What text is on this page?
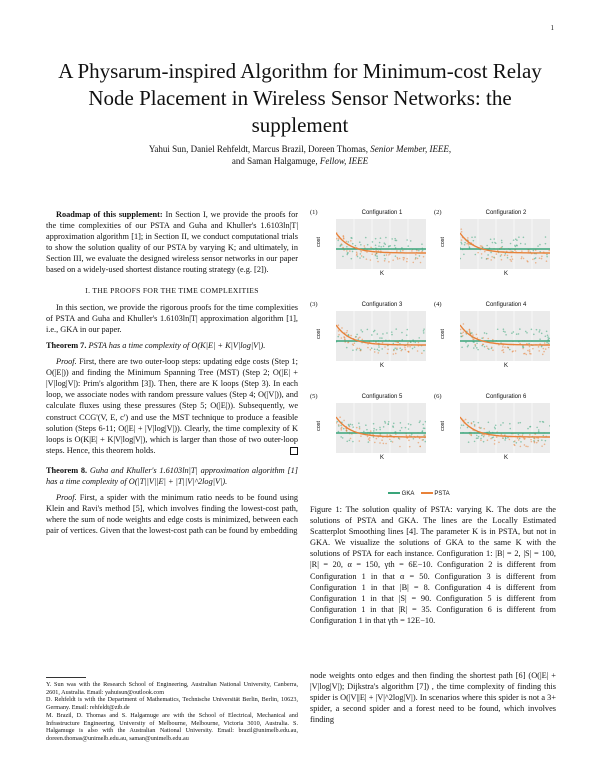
1
A Physarum-inspired Algorithm for Minimum-cost Relay Node Placement in Wireless Sensor Networks: the supplement
Yahui Sun, Daniel Rehfeldt, Marcus Brazil, Doreen Thomas, Senior Member, IEEE,
and Saman Halgamuge, Fellow, IEEE

Roadmap of this supplement: In Section I, we provide the proofs for the time complexities of our PSTA and Guha and Khuller's 1.6103ln|T| approximation algorithm [1]; in Section II, we conduct computational trials to show the solution quality of our PSTA by varying K; and ultimately, in Section III, we evaluate the designed wireless sensor networks in our paper based on a widely-used shortest distance routing strategy (e.g. [2]).

I. THE PROOFS FOR THE TIME COMPLEXITIES

In this section, we provide the rigorous proofs for the time complexities of PSTA and Guha and Khuller's 1.6103ln|T| approximation algorithm [1], i.e., GKA in our paper.

Theorem 7. PSTA has a time complexity of O(K|E| + K|V|log|V|).

Proof. First, there are two outer-loop steps: updating edge costs (Step 1; O(|E|)) and finding the Minimum Spanning Tree (MST) (Step 2; O(|E| + |V|log|V|): Prim's algorithm [3]). Then, there are K loops (Step 3). In each loop, we associate nodes with random pressure values (Step 4; O(|V|)), and calculate fluxes using these pressures (Step 5; O(|E|)). Subsequently, we construct CCG'(V, E, c') and use the MST technique to produce a feasible solution (Steps 6-11; O(|E| + |V|log|V|)). Clearly, the time complexity of K loops is O(K|E| + K|V|log|V|), which is larger than those of two outer-loop steps. Hence, this theorem holds.

Theorem 8. Guha and Khuller's 1.6103ln|T| approximation algorithm [1] has a time complexity of O(|T||V||E| + |T||V|^2log|V|).

Proof. First, a spider with the minimum ratio needs to be found using Klein and Ravi's method [5], which involves finding the lowest-cost path, where the sum of node weights and edge costs is minimized, between each pair of vertices. Given that the lowest-cost path can be found by embedding

Y. Sun was with the Research School of Engineering, Australian National University, Canberra, 2601, Australia. Email: yahuisun@outlook.com
D. Rehfeldt is with the Department of Mathematics, Technische Universität Berlin, Berlin, 10623, Germany. Email: rehfeldt@zib.de
M. Brazil, D. Thomas and S. Halgamuge are with the School of Electrical, Mechanical and Infrastructure Engineering, University of Melbourne, Melbourne, Victoria 3010, Australia. S. Halgamuge is also with the Australian National University. Email: brazil@unimelb.edu.au, doreen.thomas@unimelb.edu.au, saman@unimelb.edu.au
(1)	Configuration 1
cost
K
(2)	Configuration 2
cost
K
(3)	Configuration 3
cost
K
(4)	Configuration 4
cost
K
(5)	Configuration 5
cost
K
(6)	Configuration 6
cost
K
GKA	PSTA
Figure 1: The solution quality of PSTA: varying K. The dots are the solutions of PSTA and GKA. The lines are the Locally Estimated Scatterplot Smoothing lines [4]. The parameter K is in PSTA, but not in GKA. We visualize the solutions of GKA to the same K with the solutions of PSTA for each instance. Configuration 1: |B| = 2, |S| = 100, |R| = 20, α = 150, γth = 6E−10. Configuration 2 is different from Configuration 1 in that α = 50. Configuration 3 is different from Configuration 1 in that |B| = 8. Configuration 4 is different from Configuration 1 in that |S| = 90. Configuration 5 is different from Configuration 1 in that |R| = 35. Configuration 6 is different from Configuration 1 in that γth = 12E−10.

node weights onto edges and then finding the shortest path [6] (O(|E| + |V|log|V|); Dijkstra's algorithm [7]) , the time complexity of finding this spider is O(|V||E| + |V|^2log|V|). In scenarios where this spider is not a 3+ spider, a second spider and a forest need to be found, which involves finding
